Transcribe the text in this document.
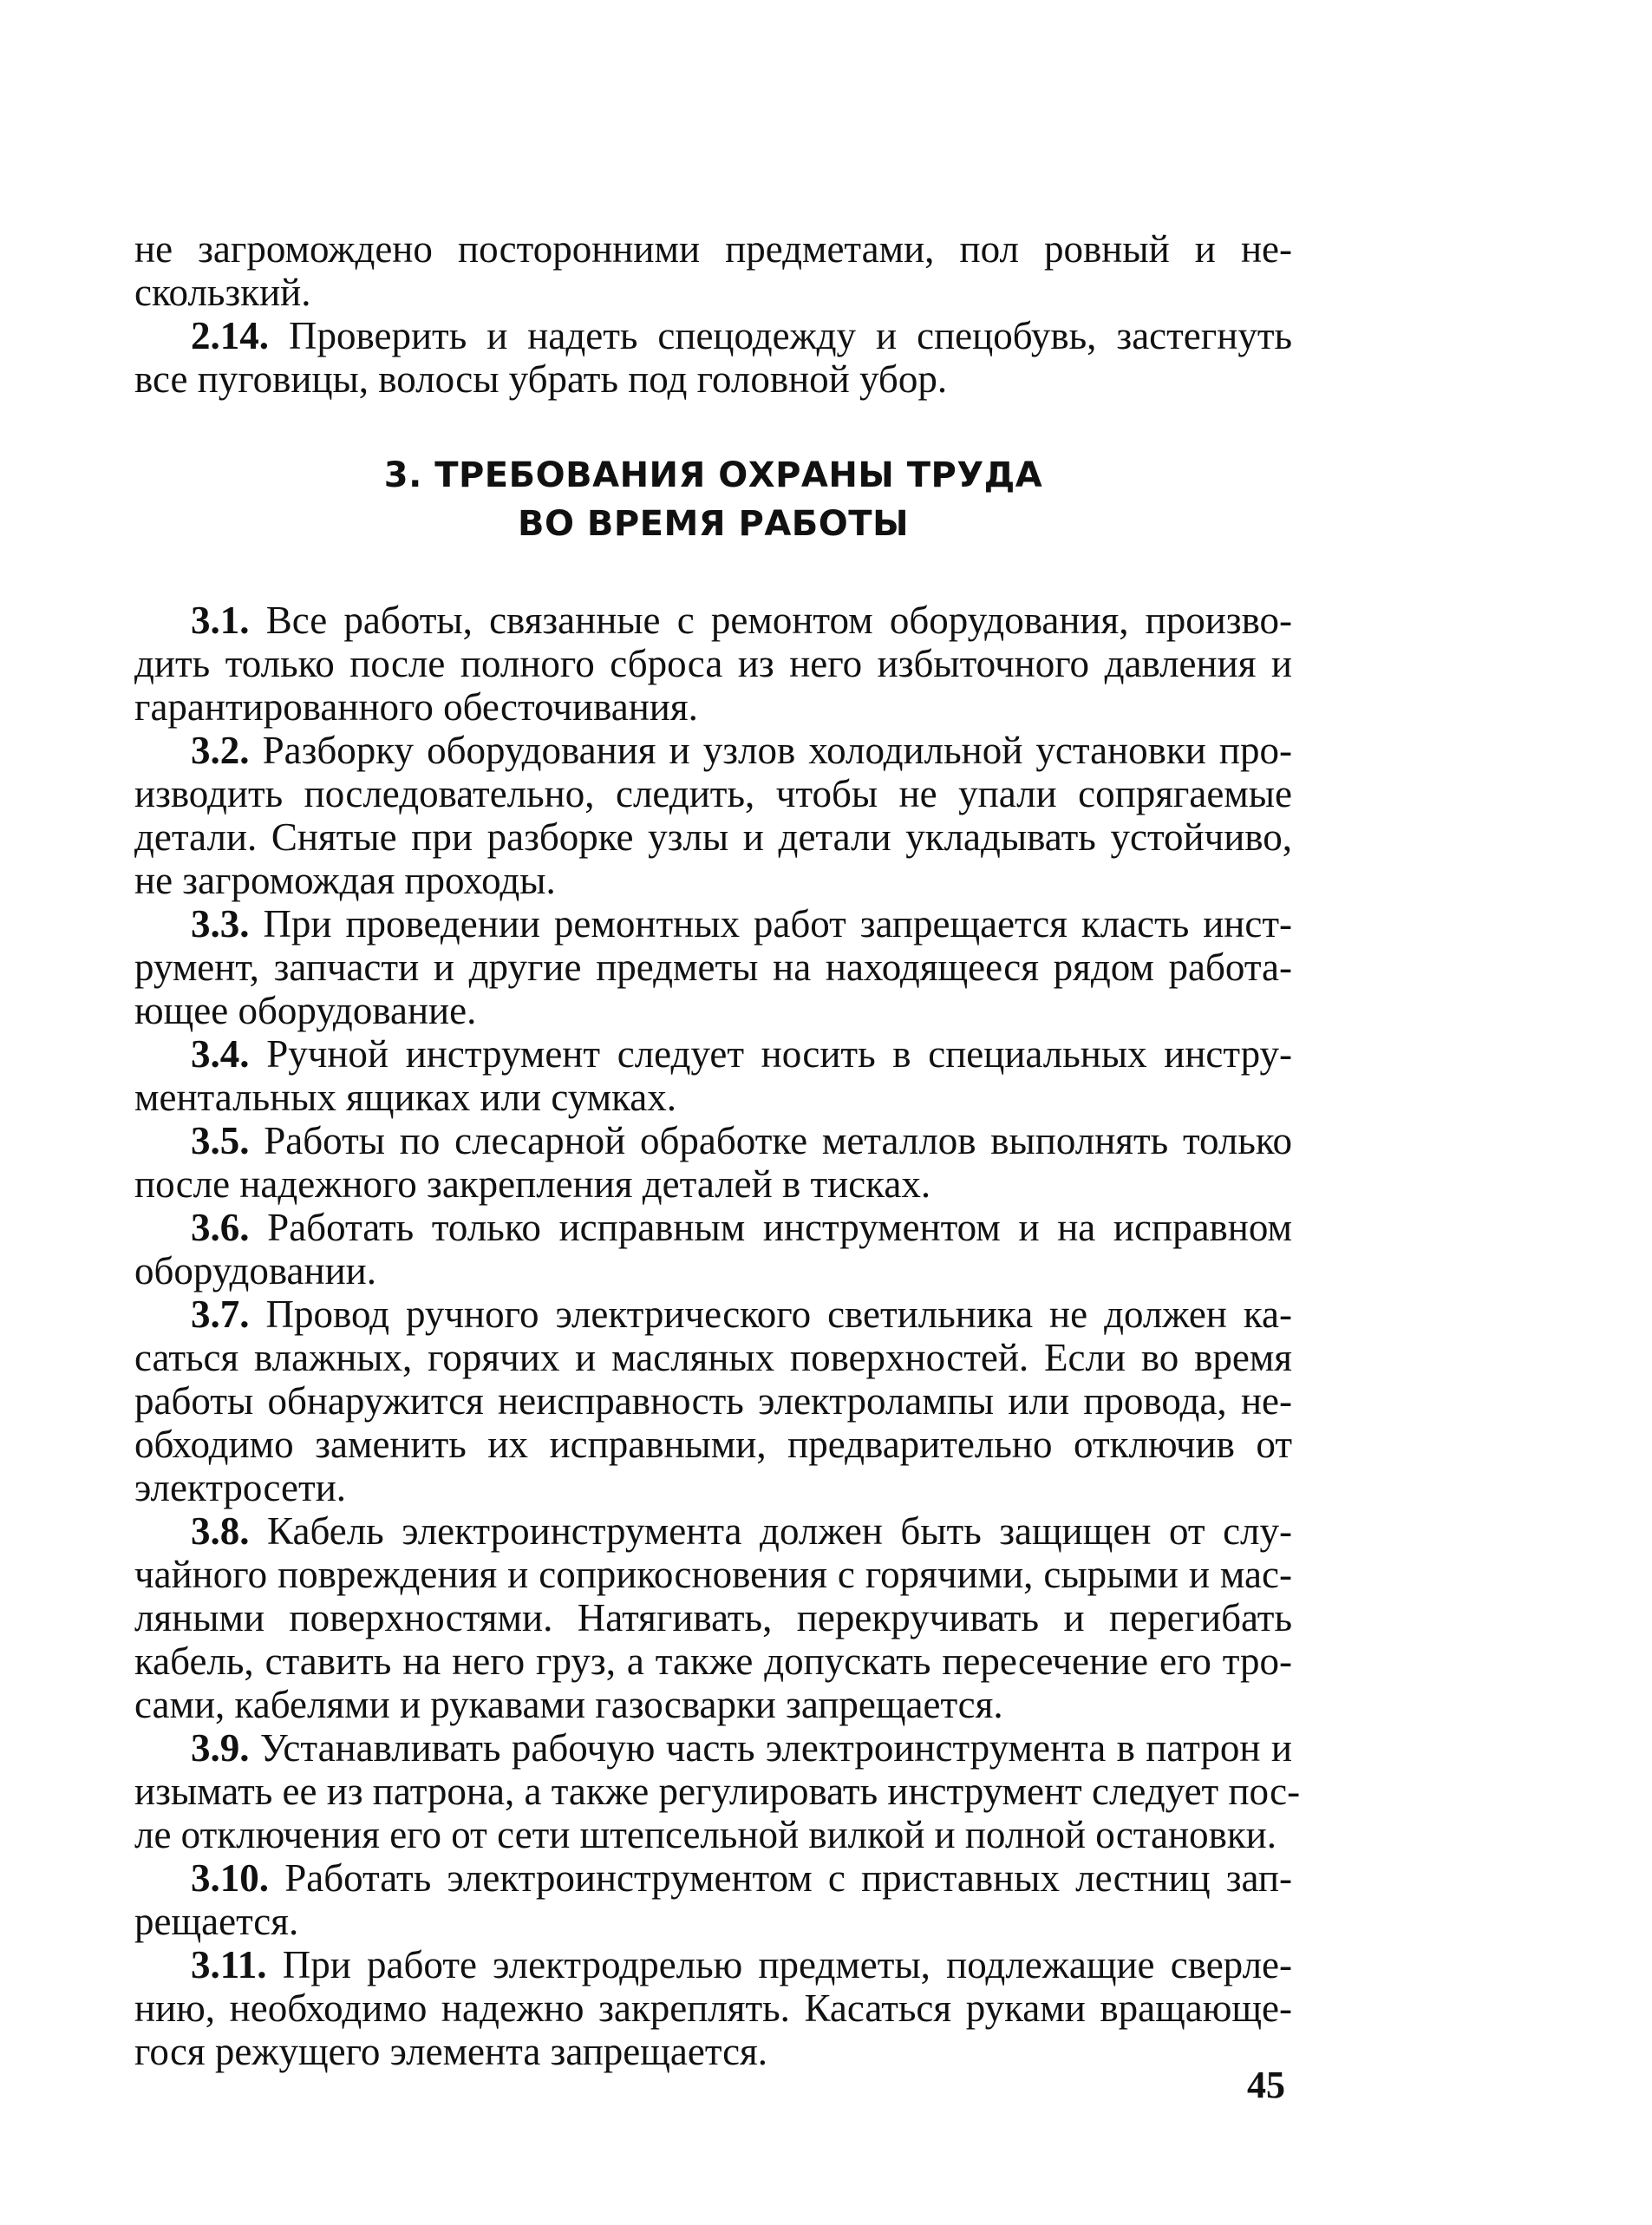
не загромождено посторонними предметами, пол ровный и не-
скользкий.
2.14. Проверить и надеть спецодежду и спецобувь, застегнуть
все пуговицы, волосы убрать под головной убор.
3. ТРЕБОВАНИЯ ОХРАНЫ ТРУДА
ВО ВРЕМЯ РАБОТЫ
3.1. Все работы, связанные с ремонтом оборудования, произво-
дить только после полного сброса из него избыточного давления и
гарантированного обесточивания.
3.2. Разборку оборудования и узлов холодильной установки про-
изводить последовательно, следить, чтобы не упали сопрягаемые
детали. Снятые при разборке узлы и детали укладывать устойчиво,
не загромождая проходы.
3.3. При проведении ремонтных работ запрещается класть инст-
румент, запчасти и другие предметы на находящееся рядом работа-
ющее оборудование.
3.4. Ручной инструмент следует носить в специальных инстру-
ментальных ящиках или сумках.
3.5. Работы по слесарной обработке металлов выполнять только
после надежного закрепления деталей в тисках.
3.6. Работать только исправным инструментом и на исправном
оборудовании.
3.7. Провод ручного электрического светильника не должен ка-
саться влажных, горячих и масляных поверхностей. Если во время
работы обнаружится неисправность электролампы или провода, не-
обходимо заменить их исправными, предварительно отключив от
электросети.
3.8. Кабель электроинструмента должен быть защищен от слу-
чайного повреждения и соприкосновения с горячими, сырыми и мас-
ляными поверхностями. Натягивать, перекручивать и перегибать
кабель, ставить на него груз, а также допускать пересечение его тро-
сами, кабелями и рукавами газосварки запрещается.
3.9. Устанавливать рабочую часть электроинструмента в патрон и
изымать ее из патрона, а также регулировать инструмент следует пос-
ле отключения его от сети штепсельной вилкой и полной остановки.
3.10. Работать электроинструментом с приставных лестниц зап-
рещается.
3.11. При работе электродрелью предметы, подлежащие сверле-
нию, необходимо надежно закреплять. Касаться руками вращающе-
гося режущего элемента запрещается.
45
